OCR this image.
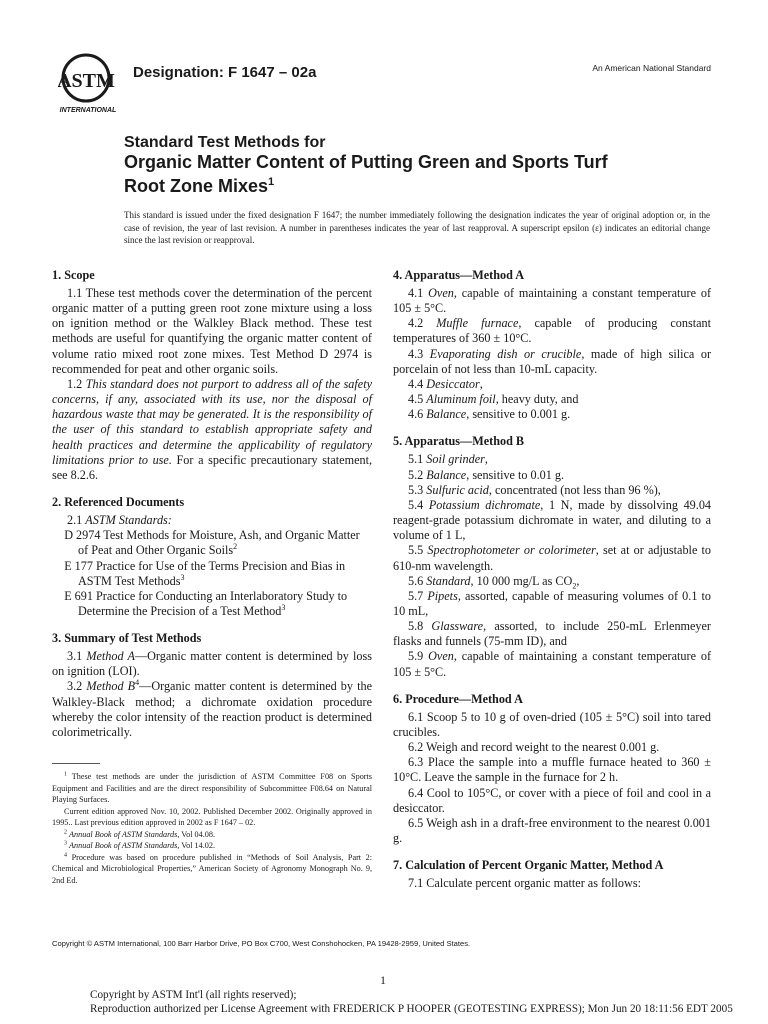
ASTM
INTERNATIONAL
Designation: F 1647 – 02a	An American National Standard
Standard Test Methods for
Organic Matter Content of Putting Green and Sports Turf
Root Zone Mixes$^1$
This standard is issued under the fixed designation F 1647; the number immediately following the designation indicates the year of original adoption or, in the case of revision, the year of last revision. A number in parentheses indicates the year of last reapproval. A superscript epsilon (ε) indicates an editorial change since the last revision or reapproval.
1. Scope

1.1 These test methods cover the determination of the percent organic matter of a putting green root zone mixture using a loss on ignition method or the Walkley Black method. These test methods are useful for quantifying the organic matter content of volume ratio mixed root zone mixes. Test Method D 2974 is recommended for peat and other organic soils.

1.2 This standard does not purport to address all of the safety concerns, if any, associated with its use, nor the disposal of hazardous waste that may be generated. It is the responsibility of the user of this standard to establish appropriate safety and health practices and determine the applicability of regulatory limitations prior to use. For a specific precautionary statement, see 8.2.6.

2. Referenced Documents

2.1 ASTM Standards:

D 2974 Test Methods for Moisture, Ash, and Organic Matter of Peat and Other Organic Soils$^2$

E 177 Practice for Use of the Terms Precision and Bias in ASTM Test Methods$^3$

E 691 Practice for Conducting an Interlaboratory Study to Determine the Precision of a Test Method$^3$

3. Summary of Test Methods

3.1 Method A—Organic matter content is determined by loss on ignition (LOI).

3.2 Method $B^4—Organic$ matter content is determined by the Walkley-Black method; a dichromate oxidation procedure whereby the color intensity of the reaction product is determined colorimetrically.

4. Apparatus—Method A

4.1 Oven, capable of maintaining a constant temperature of 105 ± 5°C.

4.2 Muffle furnace, capable of producing constant temperatures of 360 ± 10°C.

4.3 Evaporating dish or crucible, made of high silica or porcelain of not less than 10-mL capacity.

4.4 Desiccator,

4.5 Aluminum foil, heavy duty, and

4.6 Balance, sensitive to 0.001 g.

5. Apparatus—Method B

5.1 Soil grinder,

5.2 Balance, sensitive to 0.01 g.

5.3 Sulfuric acid, concentrated (not less than 96 %),

5.4 Potassium dichromate, 1 N, made by dissolving 49.04 reagent-grade potassium dichromate in water, and diluting to a volume of 1 L,

5.5 Spectrophotometer or colorimeter, set at or adjustable to 610-nm wavelength.

5.6 Standard, 10 000 mg/L as $CO_2$,

5.7 Pipets, assorted, capable of measuring volumes of 0.1 to 10 mL,

5.8 Glassware, assorted, to include 250-mL Erlenmeyer flasks and funnels (75-mm ID), and

5.9 Oven, capable of maintaining a constant temperature of 105 ± 5°C.

6. Procedure—Method A

6.1 Scoop 5 to 10 g of oven-dried (105 ± 5°C) soil into tared crucibles.

6.2 Weigh and record weight to the nearest 0.001 g.

6.3 Place the sample into a muffle furnace heated to 360 ± 10°C. Leave the sample in the furnace for 2 h.

6.4 Cool to 105°C, or cover with a piece of foil and cool in a desiccator.

6.5 Weigh ash in a draft-free environment to the nearest 0.001 g.

7. Calculation of Percent Organic Matter, Method A

7.1 Calculate percent organic matter as follows:

$^1$ These test methods are under the jurisdiction of ASTM Committee F08 on Sports Equipment and Facilities and are the direct responsibility of Subcommittee F08.64 on Natural Playing Surfaces.

Current edition approved Nov. 10, 2002. Published December 2002. Originally approved in 1995.. Last previous edition approved in 2002 as F 1647 – 02.

$^2$ Annual Book of ASTM Standards, Vol 04.08.

$^3$ Annual Book of ASTM Standards, Vol 14.02.

$^4$ Procedure was based on procedure published in “Methods of Soil Analysis, Part 2: Chemical and Microbiological Properties,” American Society of Agronomy Monograph No. 9, 2nd Ed.

Copyright © ASTM International, 100 Barr Harbor Drive, PO Box C700, West Conshohocken, PA 19428-2959, United States.
1
Copyright by ASTM Int'l (all rights reserved);
Reproduction authorized per License Agreement with FREDERICK P HOOPER (GEOTESTING EXPRESS); Mon Jun 20 18:11:56 EDT 2005
